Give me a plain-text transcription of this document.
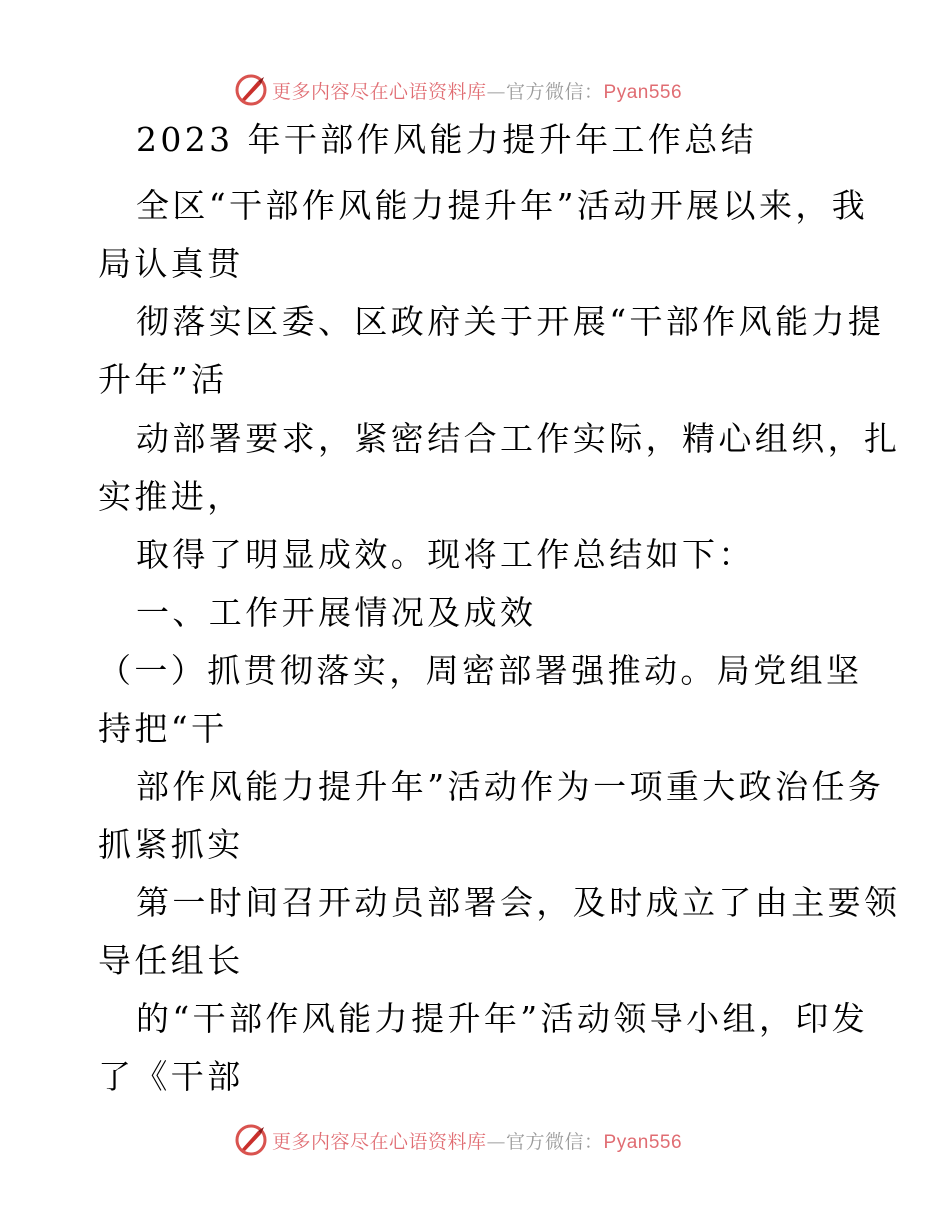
更多内容尽在心语资料库—官方微信：Pyan556
2023 年干部作风能力提升年工作总结
全区“干部作风能力提升年”活动开展以来，我
局认真贯
彻落实区委、区政府关于开展“干部作风能力提
升年”活
动部署要求，紧密结合工作实际，精心组织，扎
实推进，
取得了明显成效。现将工作总结如下：
一、工作开展情况及成效
（一）抓贯彻落实，周密部署强推动。局党组坚
持把“干
部作风能力提升年”活动作为一项重大政治任务
抓紧抓实
第一时间召开动员部署会，及时成立了由主要领
导任组长
的“干部作风能力提升年”活动领导小组，印发
了《干部
更多内容尽在心语资料库—官方微信：Pyan556
